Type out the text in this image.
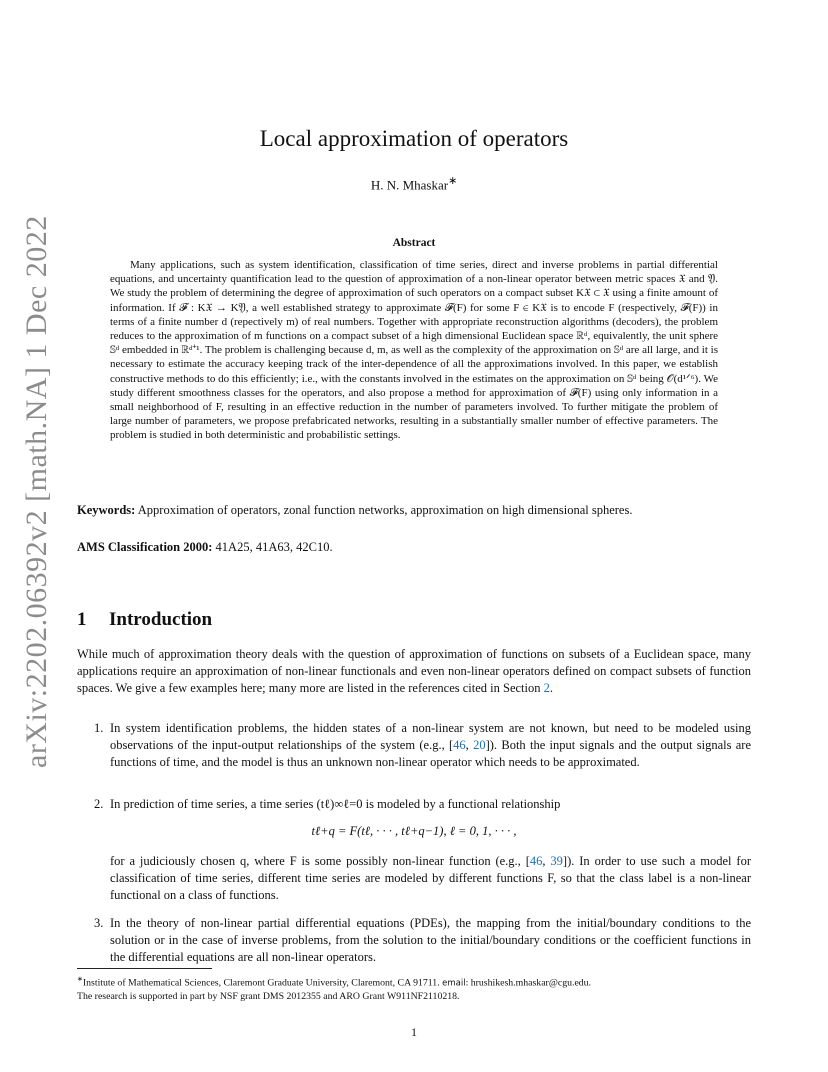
arXiv:2202.06392v2 [math.NA] 1 Dec 2022
Local approximation of operators
H. N. Mhaskar∗
Abstract

Many applications, such as system identification, classification of time series, direct and inverse problems in partial differential equations, and uncertainty quantification lead to the question of approximation of a non-linear operator between metric spaces 𝔛 and 𝔜. We study the problem of determining the degree of approximation of such operators on a compact subset K𝔛 ⊂ 𝔛 using a finite amount of information. If 𝓕 : K𝔛 → K𝔜, a well established strategy to approximate 𝓕(F) for some F ∈ K𝔛 is to encode F (respectively, 𝓕(F)) in terms of a finite number d (repectively m) of real numbers. Together with appropriate reconstruction algorithms (decoders), the problem reduces to the approximation of m functions on a compact subset of a high dimensional Euclidean space ℝᵈ, equivalently, the unit sphere 𝕊ᵈ embedded in ℝᵈ⁺¹. The problem is challenging because d, m, as well as the complexity of the approximation on 𝕊ᵈ are all large, and it is necessary to estimate the accuracy keeping track of the inter-dependence of all the approximations involved. In this paper, we establish constructive methods to do this efficiently; i.e., with the constants involved in the estimates on the approximation on 𝕊ᵈ being 𝒪(d¹ᐟ⁶). We study different smoothness classes for the operators, and also propose a method for approximation of 𝓕(F) using only information in a small neighborhood of F, resulting in an effective reduction in the number of parameters involved. To further mitigate the problem of large number of parameters, we propose prefabricated networks, resulting in a substantially smaller number of effective parameters. The problem is studied in both deterministic and probabilistic settings.

Keywords: Approximation of operators, zonal function networks, approximation on high dimensional spheres.
AMS Classification 2000: 41A25, 41A63, 42C10.
1 Introduction

While much of approximation theory deals with the question of approximation of functions on subsets of a Euclidean space, many applications require an approximation of non-linear functionals and even non-linear operators defined on compact subsets of function spaces. We give a few examples here; many more are listed in the references cited in Section 2.

1. In system identification problems, the hidden states of a non-linear system are not known, but need to be modeled using observations of the input-output relationships of the system (e.g., [46, 20]). Both the input signals and the output signals are functions of time, and the model is thus an unknown non-linear operator which needs to be approximated.
2. In prediction of time series, a time series (tℓ)∞ℓ=0 is modeled by a functional relationship
tℓ+q = F(tℓ, · · · , tℓ+q−1), ℓ = 0, 1, · · · ,
for a judiciously chosen q, where F is some possibly non-linear function (e.g., [46, 39]). In order to use such a model for classification of time series, different time series are modeled by different functions F, so that the class label is a non-linear functional on a class of functions.
3. In the theory of non-linear partial differential equations (PDEs), the mapping from the initial/boundary conditions to the solution or in the case of inverse problems, from the solution to the initial/boundary conditions or the coefficient functions in the differential equations are all non-linear operators.
∗Institute of Mathematical Sciences, Claremont Graduate University, Claremont, CA 91711. email: hrushikesh.mhaskar@cgu.edu.
The research is supported in part by NSF grant DMS 2012355 and ARO Grant W911NF2110218.
1
